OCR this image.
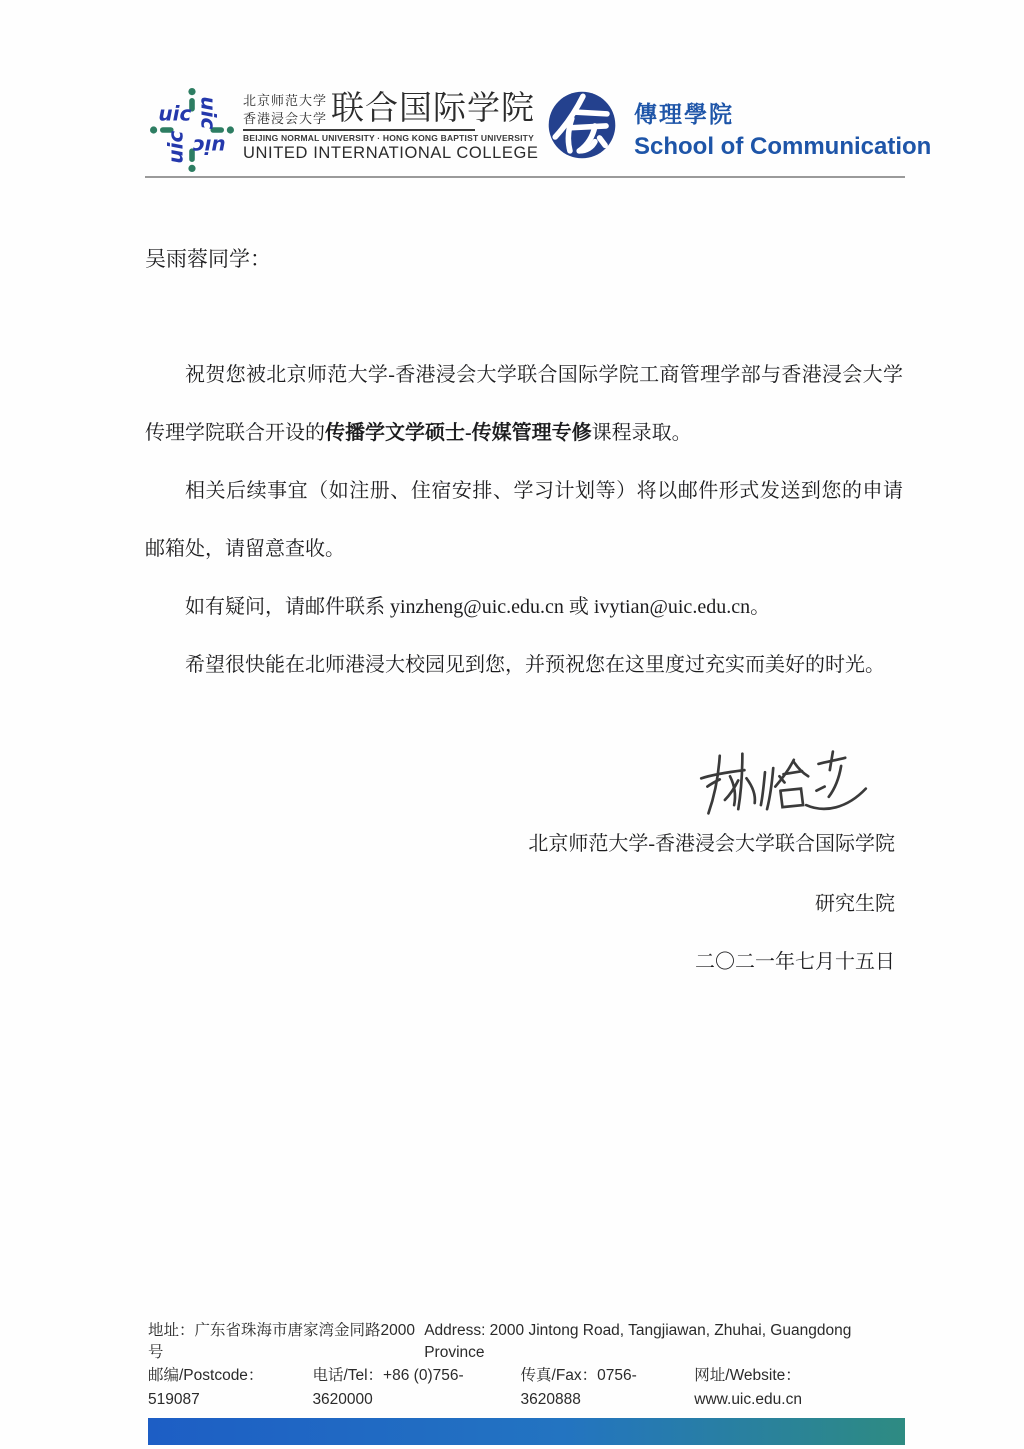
uic
北京师范大学
香港浸会大学 联合国际学院
BEIJING NORMAL UNIVERSITY · HONG KONG BAPTIST UNIVERSITY
UNITED INTERNATIONAL COLLEGE
傳理學院
School of Communication
吴雨蓉同学：

祝贺您被北京师范大学-香港浸会大学联合国际学院工商管理学部与香港浸会大学传理学院联合开设的传播学文学硕士-传媒管理专修课程录取。

相关后续事宜（如注册、住宿安排、学习计划等）将以邮件形式发送到您的申请邮箱处，请留意查收。

如有疑问，请邮件联系 yinzheng@uic.edu.cn 或 ivytian@uic.edu.cn。

希望很快能在北师港浸大校园见到您，并预祝您在这里度过充实而美好的时光。

北京师范大学-香港浸会大学联合国际学院
研究生院
二〇二一年七月十五日
地址：广东省珠海市唐家湾金同路2000号
Address: 2000 Jintong Road, Tangjiawan, Zhuhai, Guangdong Province
邮编/Postcode：519087
电话/Tel：+86 (0)756-3620000
传真/Fax：0756-3620888
网址/Website：www.uic.edu.cn
